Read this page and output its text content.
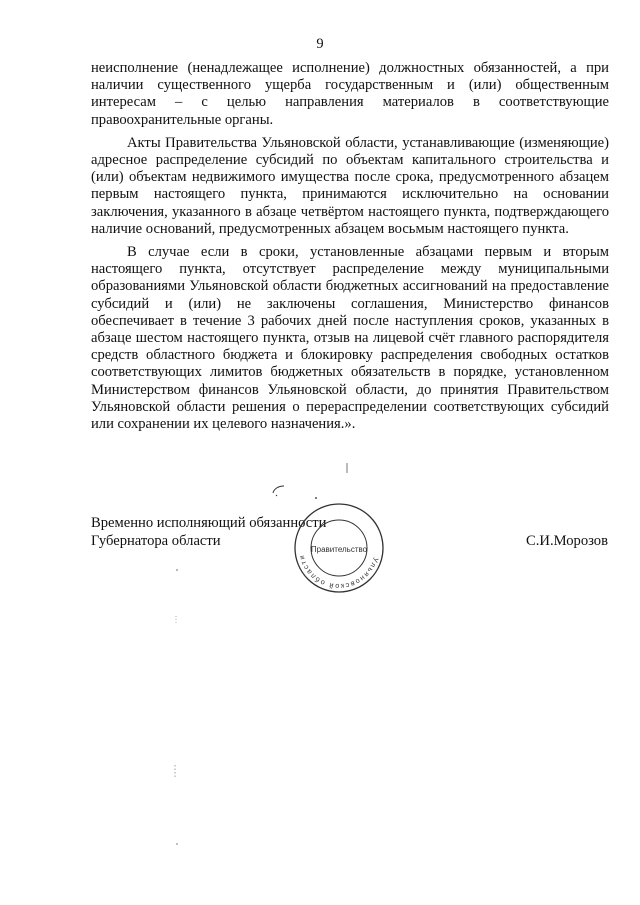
9

неисполнение (ненадлежащее исполнение) должностных обязанностей, а при наличии существенного ущерба государственным и (или) общественным интересам – с целью направления материалов в соответствующие правоохранительные органы.

Акты Правительства Ульяновской области, устанавливающие (изменяющие) адресное распределение субсидий по объектам капитального строительства и (или) объектам недвижимого имущества после срока, предусмотренного абзацем первым настоящего пункта, принимаются исключительно на основании заключения, указанного в абзаце четвёртом настоящего пункта, подтверждающего наличие оснований, предусмотренных абзацем восьмым настоящего пункта.

В случае если в сроки, установленные абзацами первым и вторым настоящего пункта, отсутствует распределение между муниципальными образованиями Ульяновской области бюджетных ассигнований на предоставление субсидий и (или) не заключены соглашения, Министерство финансов обеспечивает в течение 3 рабочих дней после наступления сроков, указанных в абзаце шестом настоящего пункта, отзыв на лицевой счёт главного распорядителя средств областного бюджета и блокировку распределения свободных остатков соответствующих лимитов бюджетных обязательств в порядке, установленном Министерством финансов Ульяновской области, до принятия Правительством Ульяновской области решения о перераспределении соответствующих субсидий или сохранении их целевого назначения.».

Временно исполняющий обязанности
Губернатора области	С.И.Морозов
Ульяновской области
Правительство
